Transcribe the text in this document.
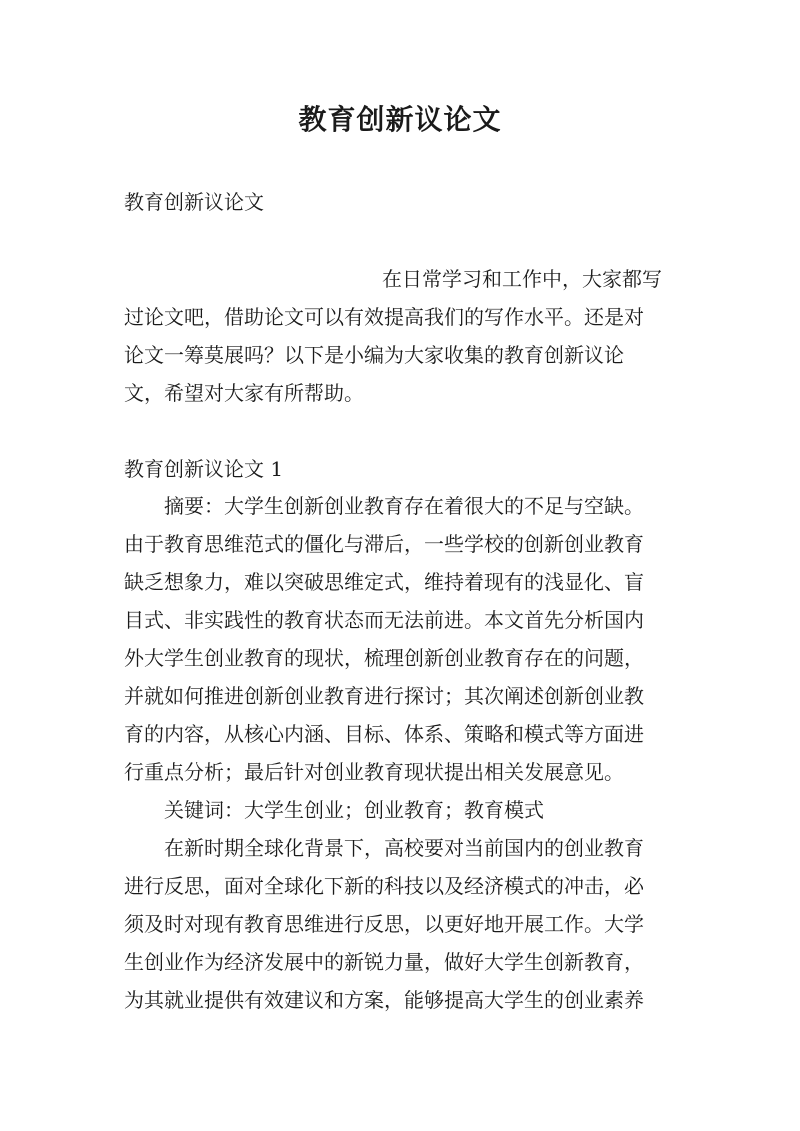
教育创新议论文
教育创新议论文
在日常学习和工作中，大家都写
过论文吧，借助论文可以有效提高我们的写作水平。还是对
论文一筹莫展吗？以下是小编为大家收集的教育创新议论
文，希望对大家有所帮助。
教育创新议论文 1
摘要：大学生创新创业教育存在着很大的不足与空缺。
由于教育思维范式的僵化与滞后，一些学校的创新创业教育
缺乏想象力，难以突破思维定式，维持着现有的浅显化、盲
目式、非实践性的教育状态而无法前进。本文首先分析国内
外大学生创业教育的现状，梳理创新创业教育存在的问题，
并就如何推进创新创业教育进行探讨；其次阐述创新创业教
育的内容，从核心内涵、目标、体系、策略和模式等方面进
行重点分析；最后针对创业教育现状提出相关发展意见。
关键词：大学生创业；创业教育；教育模式
在新时期全球化背景下，高校要对当前国内的创业教育
进行反思，面对全球化下新的科技以及经济模式的冲击，必
须及时对现有教育思维进行反思，以更好地开展工作。大学
生创业作为经济发展中的新锐力量，做好大学生创新教育，
为其就业提供有效建议和方案，能够提高大学生的创业素养
